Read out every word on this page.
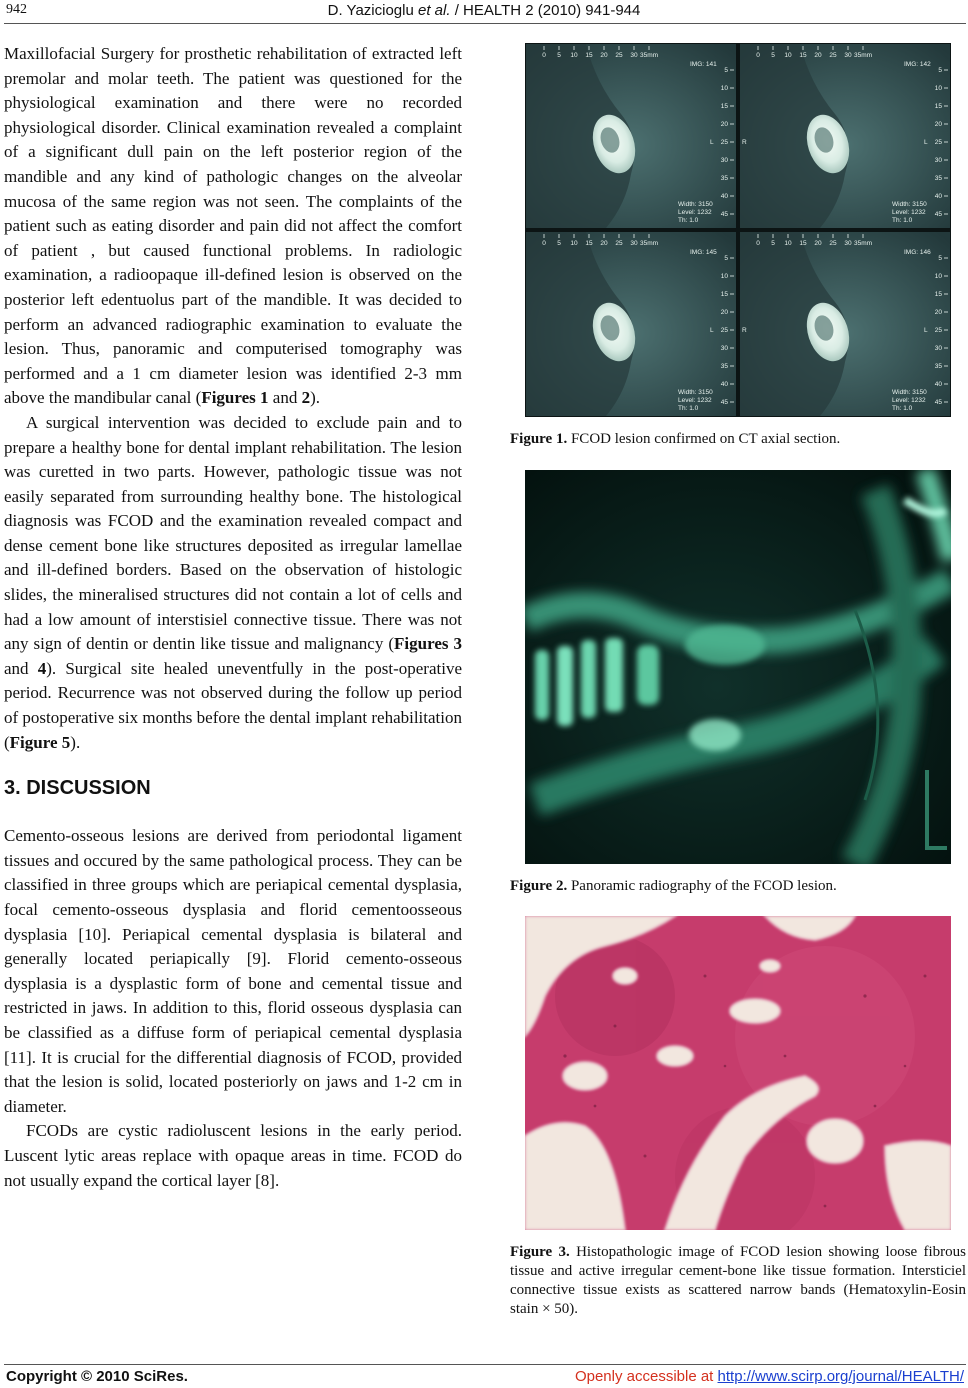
942	D. Yazicioglu et al. / HEALTH 2 (2010) 941-944

Maxillofacial Surgery for prosthetic rehabilitation of extracted left premolar and molar teeth. The patient was questioned for the physiological examination and there were no recorded physiological disorder. Clinical examination revealed a complaint of a significant dull pain on the left posterior region of the mandible and any kind of pathologic changes on the alveolar mucosa of the same region was not seen. The complaints of the patient such as eating disorder and pain did not affect the comfort of patient , but caused functional problems. In radiologic examination, a radioopaque ill-defined lesion is observed on the posterior left edentuolus part of the mandible. It was decided to perform an advanced radiographic examination to evaluate the lesion. Thus, panoramic and computerised tomography was performed and a 1 cm diameter lesion was identified 2-3 mm above the mandibular canal (Figures 1 and 2).

A surgical intervention was decided to exclude pain and to prepare a healthy bone for dental implant rehabilitation. The lesion was curetted in two parts. However, pathologic tissue was not easily separated from surrounding healthy bone. The histological diagnosis was FCOD and the examination revealed compact and dense cement bone like structures deposited as irregular lamellae and ill-defined borders. Based on the observation of histologic slides, the mineralised structures did not contain a lot of cells and had a low amount of interstisiel connective tissue. There was not any sign of dentin or dentin like tissue and malignancy (Figures 3 and 4). Surgical site healed uneventfully in the post-operative period. Recurrence was not observed during the follow up period of postoperative six months before the dental implant rehabilitation (Figure 5).

3. DISCUSSION

Cemento-osseous lesions are derived from periodontal ligament tissues and occured by the same pathological process. They can be classified in three groups which are periapical cemental dysplasia, focal cemento-osseous dysplasia and florid cementoosseous dysplasia [10]. Periapical cemental dysplasia is bilateral and generally located periapically [9]. Florid cemento-osseous dysplasia is a dysplastic form of bone and cemental tissue and restricted in jaws. In addition to this, florid osseous dysplasia can be classified as a diffuse form of periapical cemental dysplasia [11]. It is crucial for the differential diagnosis of FCOD, provided that the lesion is solid, located posteriorly on jaws and 1-2 cm in diameter.

FCODs are cystic radioluscent lesions in the early period. Luscent lytic areas replace with opaque areas in time. FCOD do not usually expand the cortical layer [8].

0 5 10 15 20 25 30 35mm
5
10
15
20
25
30
35
40
45
IMG: 141
L
Width: 3150
Level: 1232
Th: 1.0
0 5 10 15 20 25 30 35mm
5
10
15
20
25
30
35
40
45
IMG: 142
L
R
Width: 3150
Level: 1232
Th: 1.0
0 5 10 15 20 25 30 35mm
5
10
15
20
25
30
35
40
45
IMG: 145
L
Width: 3150
Level: 1232
Th: 1.0
0 5 10 15 20 25 30 35mm
5
10
15
20
25
30
35
40
45
IMG: 146
L
R
Width: 3150
Level: 1232
Th: 1.0
Figure 1. FCOD lesion confirmed on CT axial section.
Figure 2. Panoramic radiography of the FCOD lesion.
Figure 3. Histopathologic image of FCOD lesion showing loose fibrous tissue and active irregular cement-bone like tissue formation. Intersticiel connective tissue exists as scattered narrow bands (Hematoxylin-Eosin stain × 50).
Copyright © 2010 SciRes.	Openly accessible at http://www.scirp.org/journal/HEALTH/
